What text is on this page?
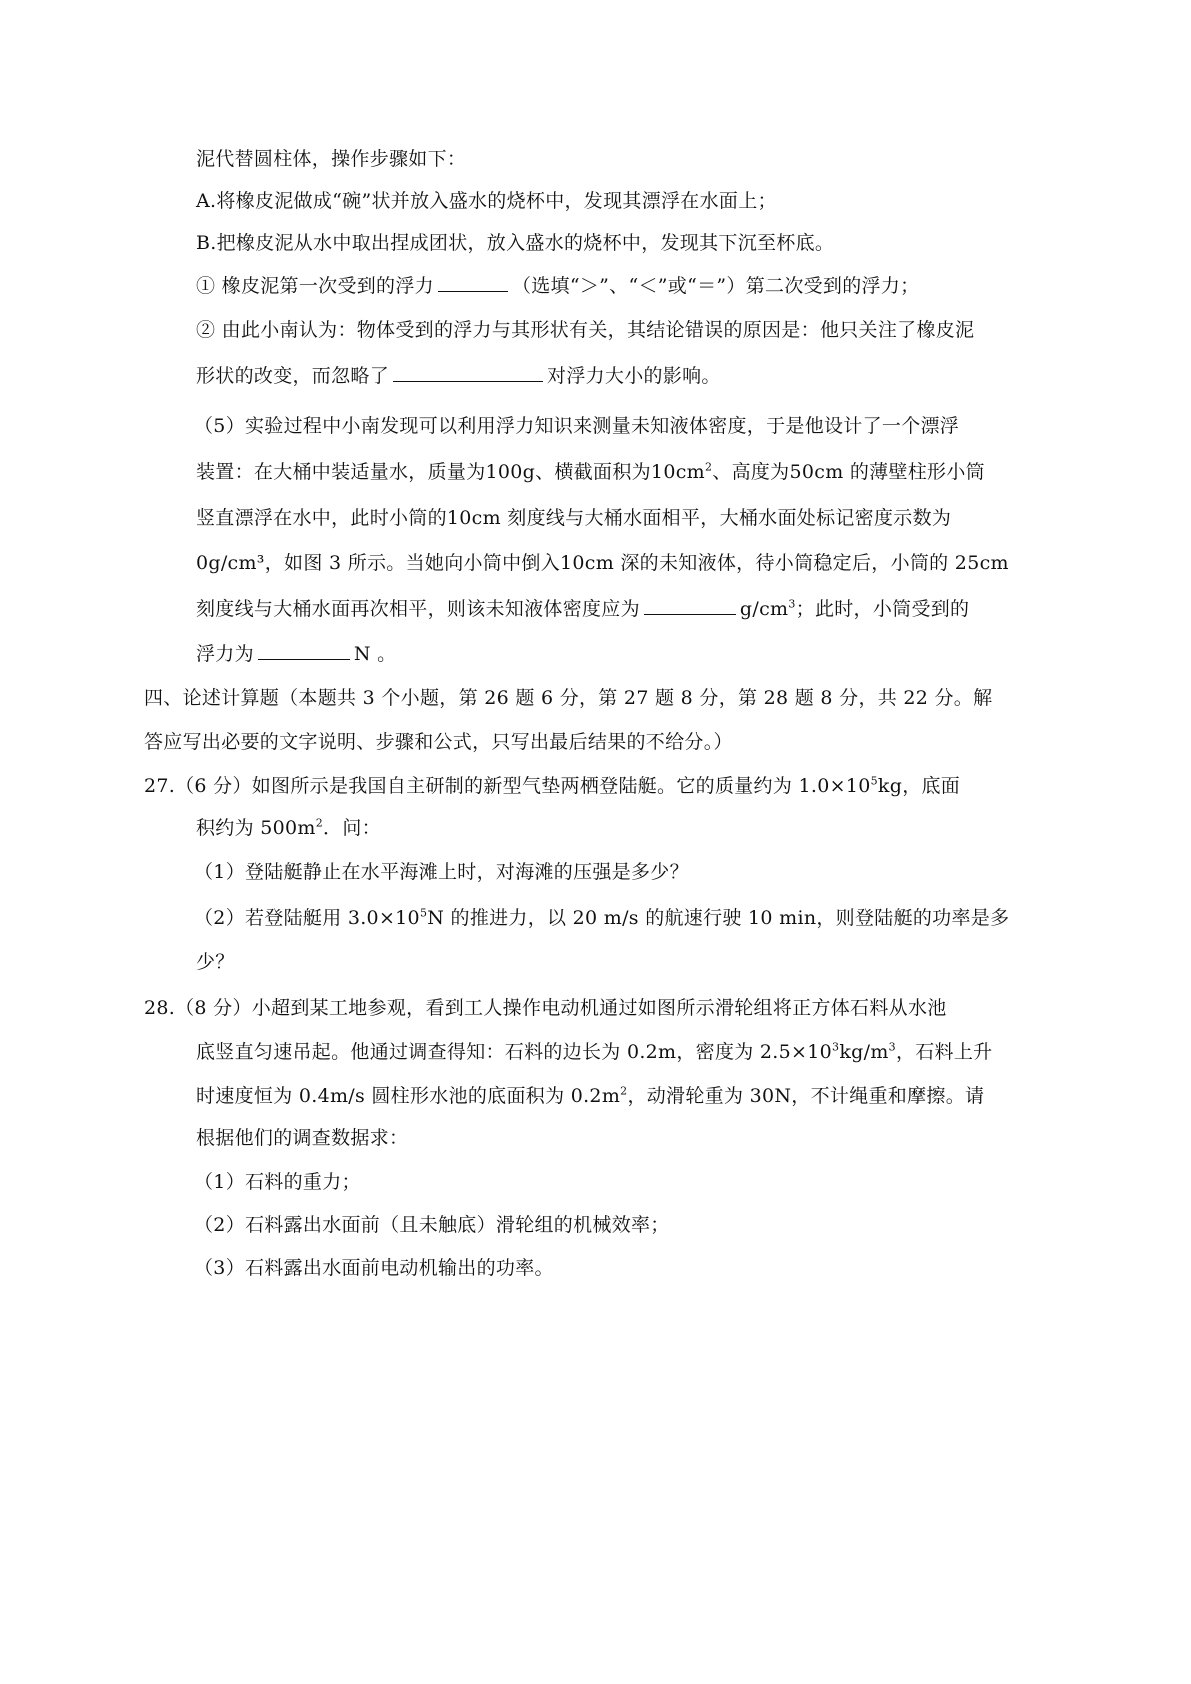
泥代替圆柱体，操作步骤如下：
A.将橡皮泥做成“碗”状并放入盛水的烧杯中，发现其漂浮在水面上；
B.把橡皮泥从水中取出捏成团状，放入盛水的烧杯中，发现其下沉至杯底。
① 橡皮泥第一次受到的浮力	（选填“＞”、“＜”或“＝”）第二次受到的浮力；
② 由此小南认为：物体受到的浮力与其形状有关，其结论错误的原因是：他只关注了橡皮泥
形状的改变，而忽略了	对浮力大小的影响。
（5）实验过程中小南发现可以利用浮力知识来测量未知液体密度，于是他设计了一个漂浮
装置：在大桶中装适量水，质量为100g、横截面积为$10cm^2$、高度为50cm 的薄壁柱形小筒
竖直漂浮在水中，此时小筒的10cm 刻度线与大桶水面相平，大桶水面处标记密度示数为
0g/cm³，如图 3 所示。当她向小筒中倒入10cm 深的未知液体，待小筒稳定后，小筒的 25cm
刻度线与大桶水面再次相平，则该未知液体密度应为	$g/cm^3$；此时，小筒受到的
浮力为	N 。
四、论述计算题（本题共 3 个小题，第 26 题 6 分，第 27 题 8 分，第 28 题 8 分，共 22 分。解
答应写出必要的文字说明、步骤和公式，只写出最后结果的不给分。）
27.（6 分）如图所示是我国自主研制的新型气垫两栖登陆艇。它的质量约为 $1.0\times 10^5kg$，底面
积约为 $500m^2$．问：
（1）登陆艇静止在水平海滩上时，对海滩的压强是多少？
（2）若登陆艇用 $3.0\times 10^5N$ 的推进力，以 20 m/s 的航速行驶 10 min，则登陆艇的功率是多
少？
28.（8 分）小超到某工地参观，看到工人操作电动机通过如图所示滑轮组将正方体石料从水池
底竖直匀速吊起。他通过调查得知：石料的边长为 0.2m，密度为 $2.5\times 10^3kg/m^3$，石料上升
时速度恒为 0.4m/s 圆柱形水池的底面积为 $0.2m^2$，动滑轮重为 30N，不计绳重和摩擦。请
根据他们的调查数据求：
（1）石料的重力；
（2）石料露出水面前（且未触底）滑轮组的机械效率；
（3）石料露出水面前电动机输出的功率。
